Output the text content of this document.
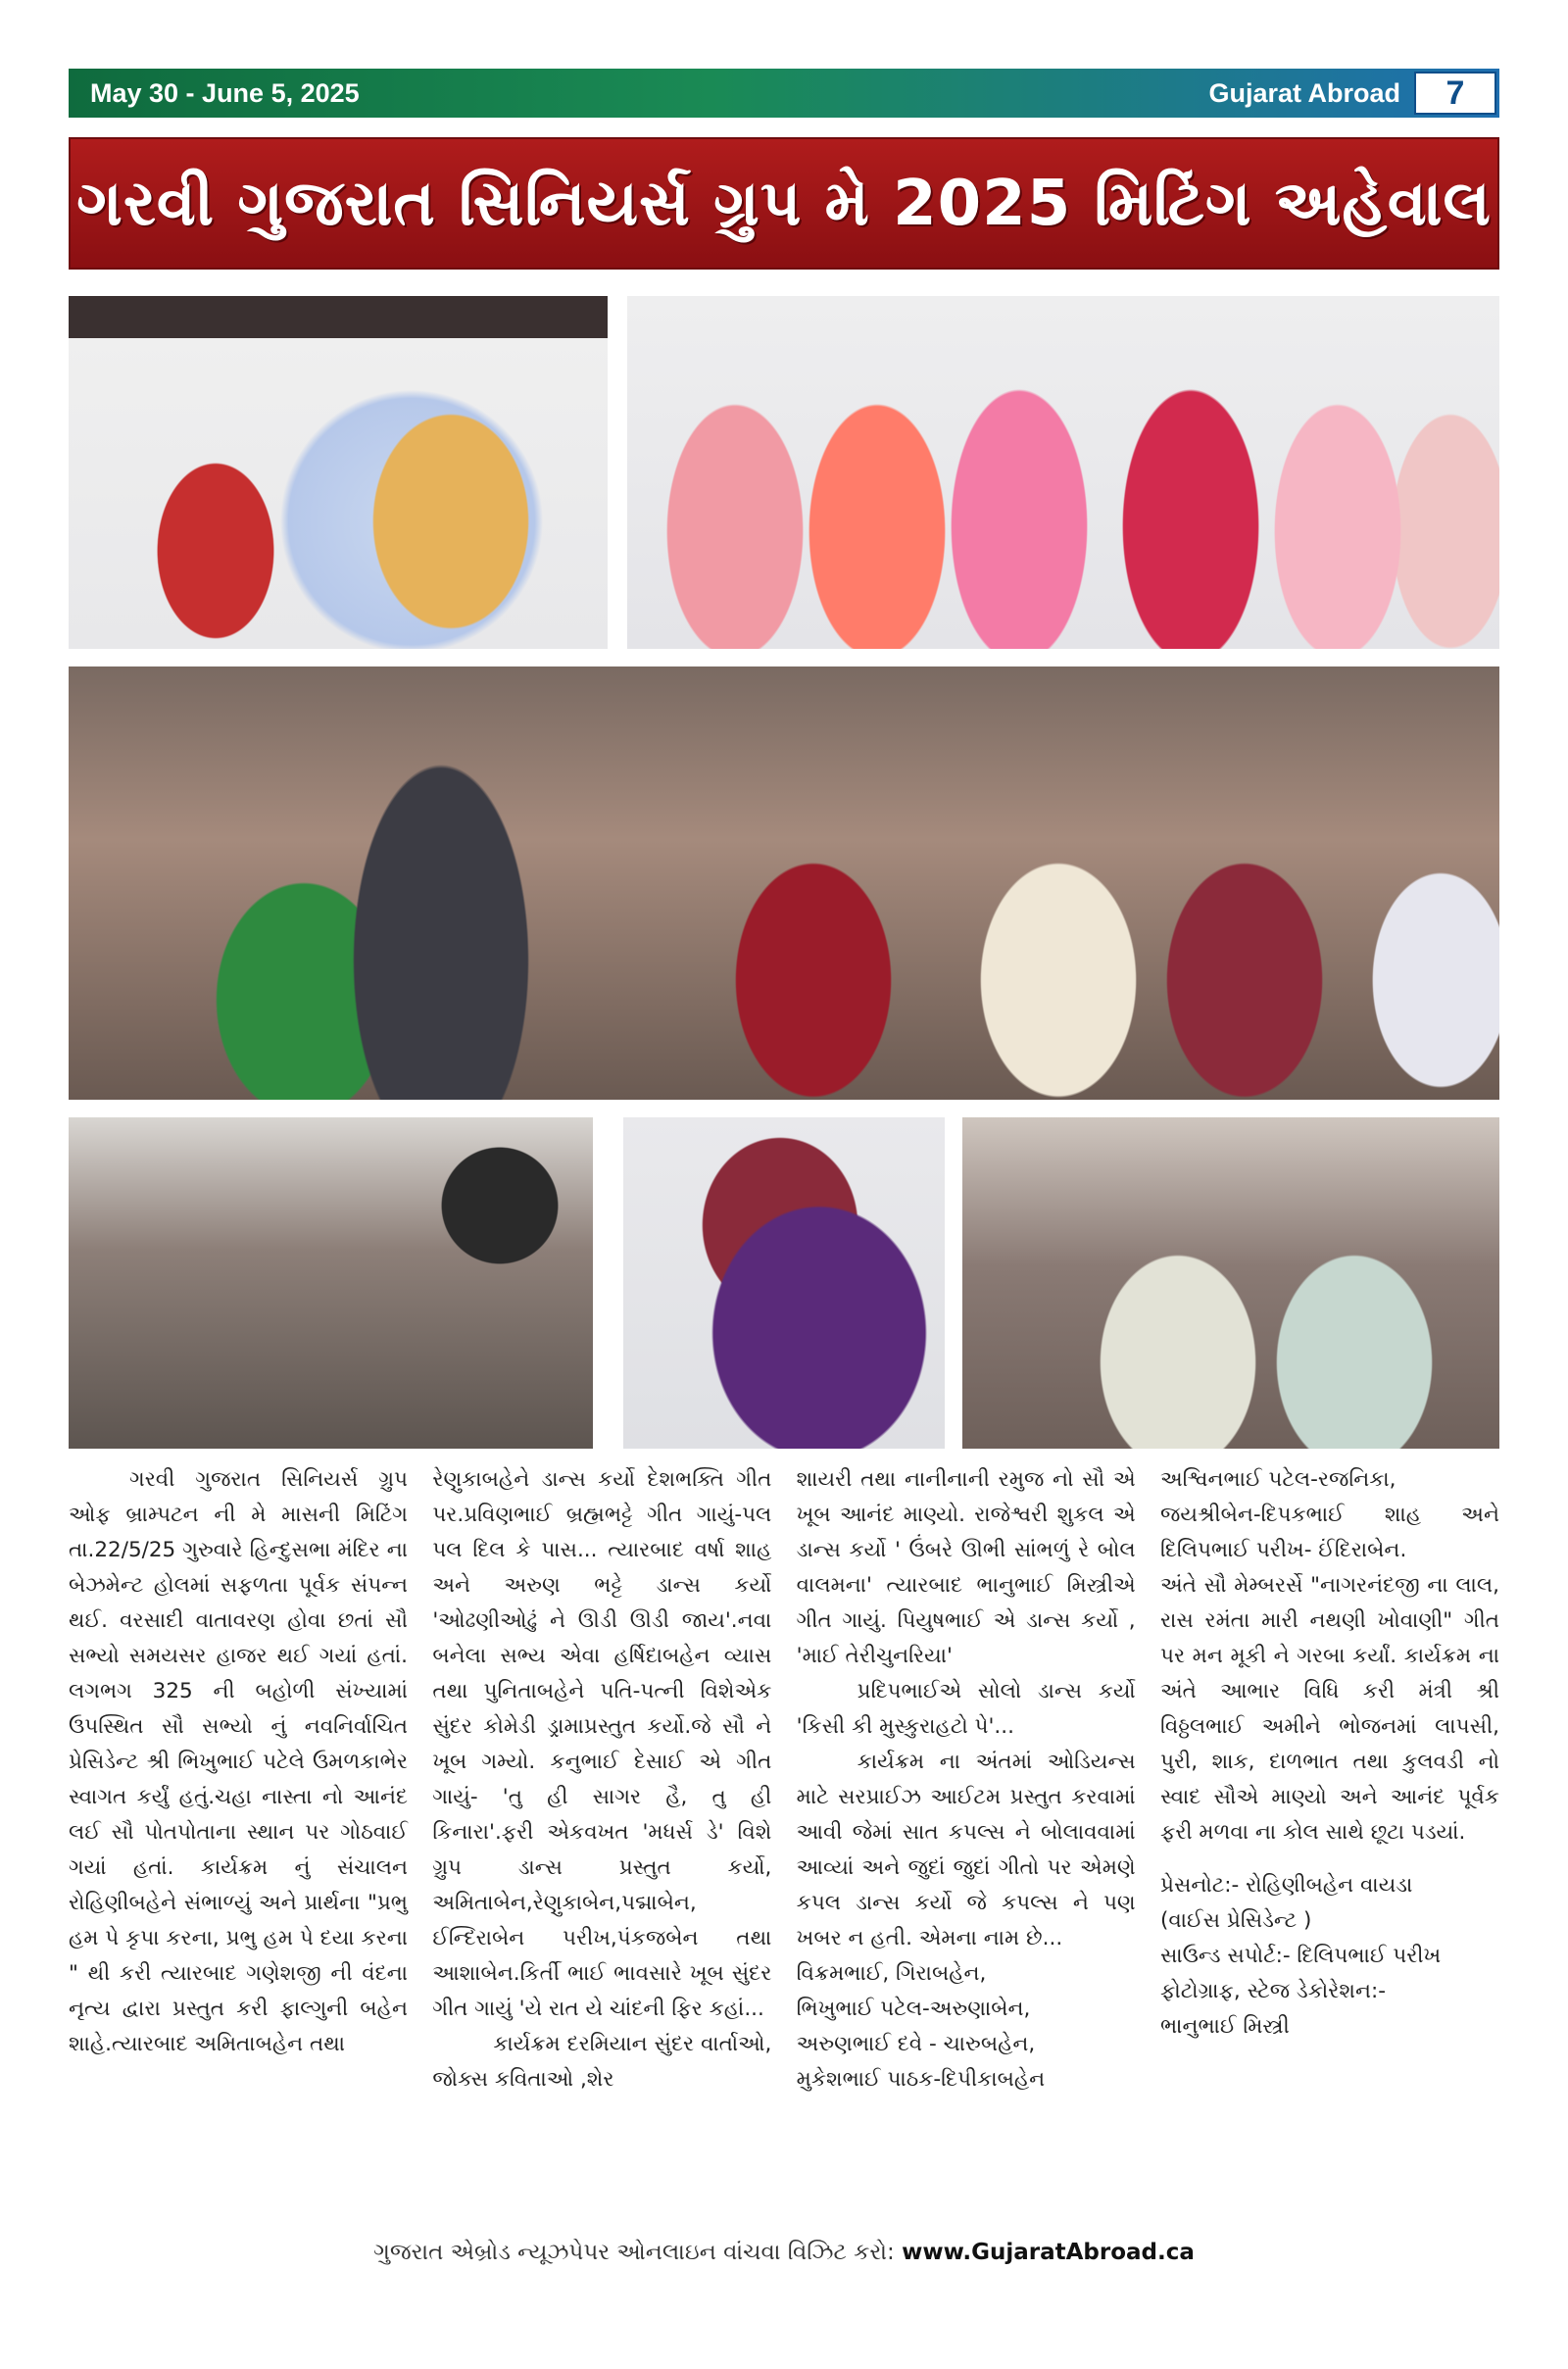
May 30 - June 5, 2025	Gujarat Abroad	7
ગરવી ગુજરાત સિનિયર્સ ગ્રુપ મે 2025 મિટિંગ અહેવાલ

ગરવી ગુજરાત સિનિયર્સ ગ્રુપ ઓફ બ્રામ્પટન ની મે માસની મિટિંગ તા.22/5/25 ગુરુવારે હિન્દુસભા મંદિર ના બેઝમેન્ટ હોલમાં સફળતા પૂર્વક સંપન્ન થઈ. વરસાદી વાતાવરણ હોવા છતાં સૌ સભ્યો સમયસર હાજર થઈ ગયાં હતાં. લગભગ 325 ની બહોળી સંખ્યામાં ઉપસ્થિત સૌ સભ્યો નું નવનિર્વાચિત પ્રેસિડેન્ટ શ્રી ભિખુભાઈ પટેલે ઉમળકાભેર સ્વાગત કર્યું હતું.ચહા નાસ્તા નો આનંદ લઈ સૌ પોતપોતાના સ્થાન પર ગોઠવાઈ ગયાં હતાં. કાર્યક્રમ નું સંચાલન રોહિણીબહેને સંભાળ્યું અને પ્રાર્થના "પ્રભુ હમ પે કૃપા કરના, પ્રભુ હમ પે દયા કરના " થી કરી ત્યારબાદ ગણેશજી ની વંદના નૃત્ય દ્વારા પ્રસ્તુત કરી ફાલ્ગુની બહેન શાહે.ત્યારબાદ અમિતાબહેન તથા

રેણુકાબહેને ડાન્સ કર્યો દેશભક્તિ ગીત પર.પ્રવિણભાઈ બ્રહ્મભટ્ટે ગીત ગાયું-પલ પલ દિલ કે પાસ... ત્યારબાદ વર્ષા શાહ અને અરુણ ભટ્ટે ડાન્સ કર્યો 'ઓઢણીઓઢું ને ઊડી ઊડી જાય'.નવા બનેલા સભ્ય એવા હર્ષિદાબહેન વ્યાસ તથા પુનિતાબહેને પતિ-પત્ની વિશેએક સુંદર કોમેડી ડ્રામાપ્રસ્તુત કર્યો.જે સૌ ને ખૂબ ગમ્યો. કનુભાઈ દેસાઈ એ ગીત ગાયું- 'તુ હી સાગર હૈ, તુ હી કિનારા'.ફરી એકવખત 'મધર્સ ડે' વિશે ગ્રુપ ડાન્સ પ્રસ્તુત કર્યો, અમિતાબેન,રેણુકાબેન,પદ્માબેન, ઈન્દિરાબેન પરીખ,પંકજબેન તથા આશાબેન.કિર્તી ભાઈ ભાવસારે ખૂબ સુંદર ગીત ગાયું 'યે રાત યે ચાંદની ફિર કહાં...

કાર્યક્રમ દરમિયાન સુંદર વાર્તાઓ, જોક્સ કવિતાઓ ,શેર

શાયરી તથા નાનીનાની રમુજ નો સૌ એ ખૂબ આનંદ માણ્યો. રાજેશ્વરી શુકલ એ ડાન્સ કર્યો ' ઉંબરે ઊભી સાંભળું રે બોલ વાલમના' ત્યારબાદ ભાનુભાઈ મિસ્ત્રીએ ગીત ગાયું. પિયુષભાઈ એ ડાન્સ કર્યો , 'માઈ તેરીચુનરિયા'

પ્રદિપભાઈએ સોલો ડાન્સ કર્યો 'કિસી કી મુસ્કુરાહટો પે'...

કાર્યક્રમ ના અંતમાં ઓડિયન્સ માટે સરપ્રાઈઝ આઈટમ પ્રસ્તુત કરવામાં આવી જેમાં સાત કપલ્સ ને બોલાવવામાં આવ્યાં અને જુદાં જુદાં ગીતો પર એમણે કપલ ડાન્સ કર્યો જે કપલ્સ ને પણ ખબર ન હતી. એમના નામ છે...

વિક્રમભાઈ, ગિરાબહેન,

ભિખુભાઈ પટેલ-અરુણાબેન,

અરુણભાઈ દવે - ચારુબહેન,

મુકેશભાઈ પાઠક-દિપીકાબહેન

અશ્વિનભાઈ પટેલ-રજનિકા,

જયશ્રીબેન-દિપકભાઈ શાહ અને દિલિપભાઈ પરીખ- ઈંદિરાબેન.

અંતે સૌ મેમ્બરર્સે "નાગરનંદજી ના લાલ, રાસ રમંતા મારી નથણી ખોવાણી" ગીત પર મન મૂકી ને ગરબા કર્યાં. કાર્યક્રમ ના અંતે આભાર વિધિ કરી મંત્રી શ્રી વિઠ્ઠલભાઈ અમીને ભોજનમાં લાપસી, પુરી, શાક, દાળભાત તથા કુલવડી નો સ્વાદ સૌએ માણ્યો અને આનંદ પૂર્વક ફરી મળવા ના કોલ સાથે છૂટા પડયાં.

પ્રેસનોટ:- રોહિણીબહેન વાયડા

(વાઈસ પ્રેસિડેન્ટ )

સાઉન્ડ સપોર્ટ:- દિલિપભાઈ પરીખ

ફોટોગ્રાફ, સ્ટેજ ડેકોરેશન:-

ભાનુભાઈ મિસ્ત્રી

ગુજરાત એબ્રોડ ન્યૂઝપેપર ઓનલાઇન વાંચવા વિઝિટ કરો: www.GujaratAbroad.ca
